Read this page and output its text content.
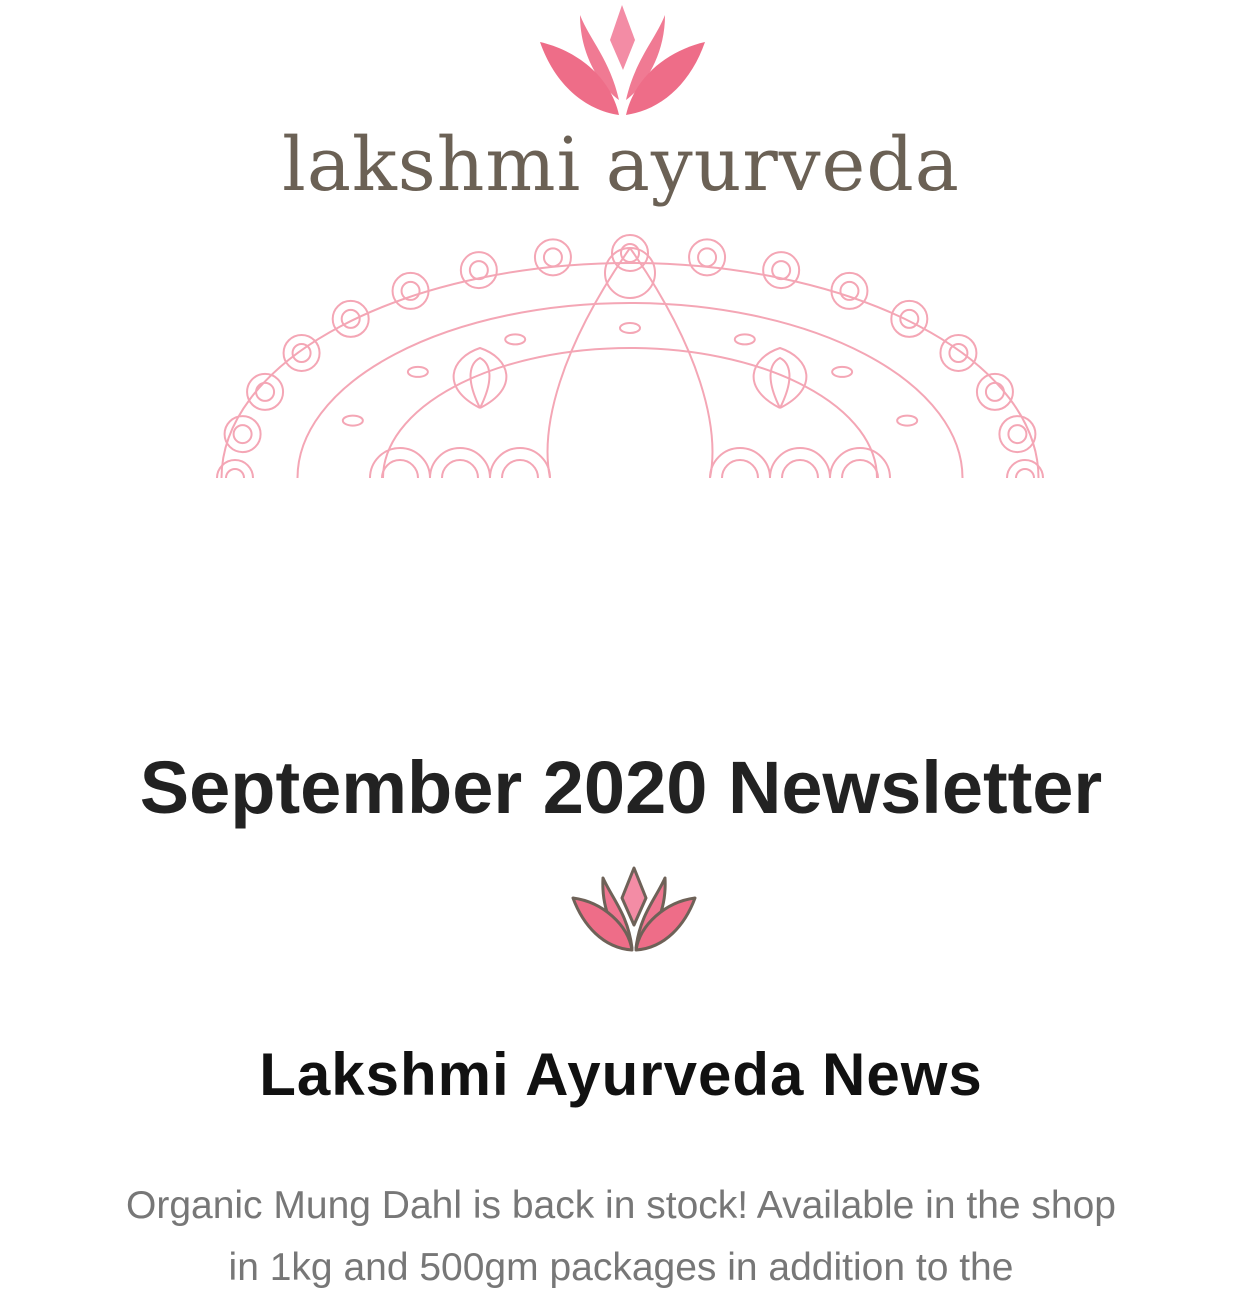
lakshmi ayurveda
September 2020 Newsletter
Lakshmi Ayurveda News
Organic Mung Dahl is back in stock! Available in the shop in 1kg and 500gm packages in addition to the
